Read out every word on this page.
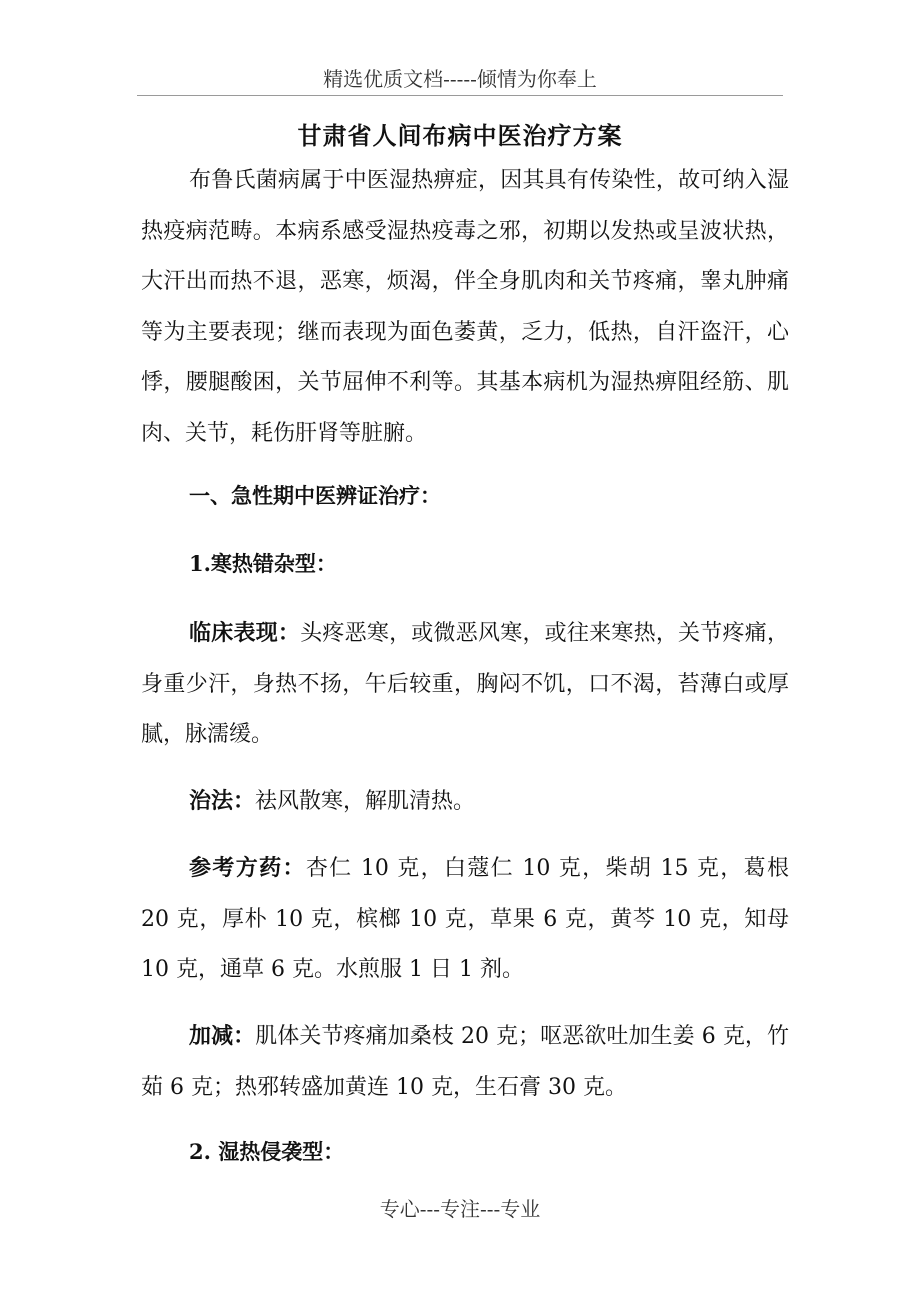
精选优质文档-----倾情为你奉上
甘肃省人间布病中医治疗方案

布鲁氏菌病属于中医湿热痹症，因其具有传染性，故可纳入湿热疫病范畴。本病系感受湿热疫毒之邪，初期以发热或呈波状热，大汗出而热不退，恶寒，烦渴，伴全身肌肉和关节疼痛，睾丸肿痛等为主要表现；继而表现为面色萎黄，乏力，低热，自汗盗汗，心悸，腰腿酸困，关节屈伸不利等。其基本病机为湿热痹阻经筋、肌肉、关节，耗伤肝肾等脏腑。

一、急性期中医辨证治疗：
1.寒热错杂型：

临床表现：头疼恶寒，或微恶风寒，或往来寒热，关节疼痛，身重少汗，身热不扬，午后较重，胸闷不饥，口不渴，苔薄白或厚腻，脉濡缓。

治法：祛风散寒，解肌清热。

参考方药：杏仁 10 克，白蔻仁 10 克，柴胡 15 克，葛根 20 克，厚朴 10 克，槟榔 10 克，草果 6 克，黄芩 10 克，知母 10 克，通草 6 克。水煎服 1 日 1 剂。

加减：肌体关节疼痛加桑枝 20 克；呕恶欲吐加生姜 6 克，竹茹 6 克；热邪转盛加黄连 10 克，生石膏 30 克。

2. 湿热侵袭型：
专心---专注---专业
